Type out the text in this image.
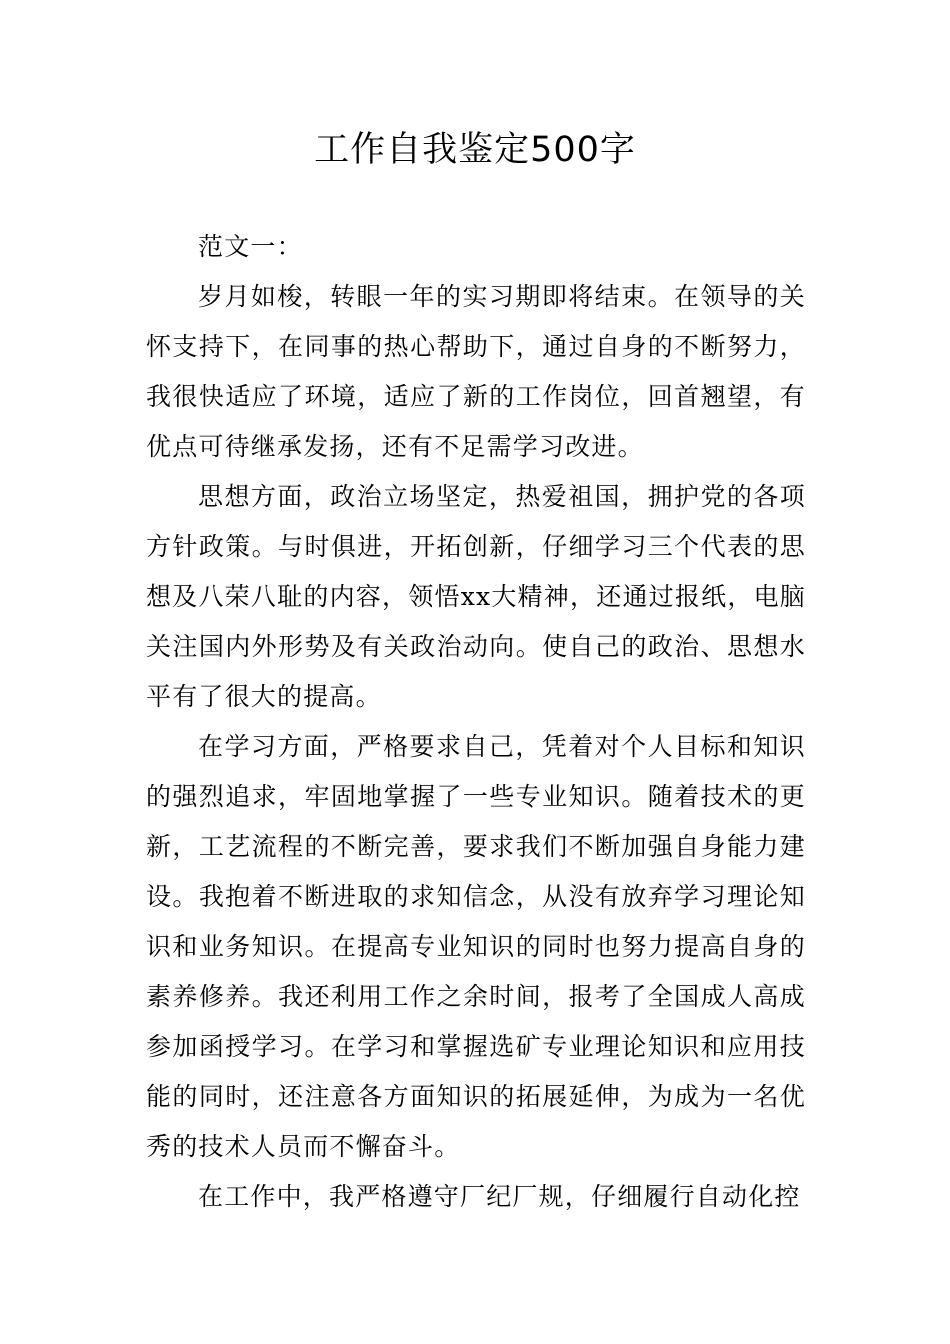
工作自我鉴定500字

范文一：

岁月如梭，转眼一年的实习期即将结束。在领导的关怀支持下，在同事的热心帮助下，通过自身的不断努力，我很快适应了环境，适应了新的工作岗位，回首翘望，有优点可待继承发扬，还有不足需学习改进。

思想方面，政治立场坚定，热爱祖国，拥护党的各项方针政策。与时俱进，开拓创新，仔细学习三个代表的思想及八荣八耻的内容，领悟xx大精神，还通过报纸，电脑关注国内外形势及有关政治动向。使自己的政治、思想水平有了很大的提高。

在学习方面，严格要求自己，凭着对个人目标和知识的强烈追求，牢固地掌握了一些专业知识。随着技术的更新，工艺流程的不断完善，要求我们不断加强自身能力建设。我抱着不断进取的求知信念，从没有放弃学习理论知识和业务知识。在提高专业知识的同时也努力提高自身的素养修养。我还利用工作之余时间，报考了全国成人高成参加函授学习。在学习和掌握选矿专业理论知识和应用技能的同时，还注意各方面知识的拓展延伸，为成为一名优秀的技术人员而不懈奋斗。

在工作中，我严格遵守厂纪厂规，仔细履行自动化控
